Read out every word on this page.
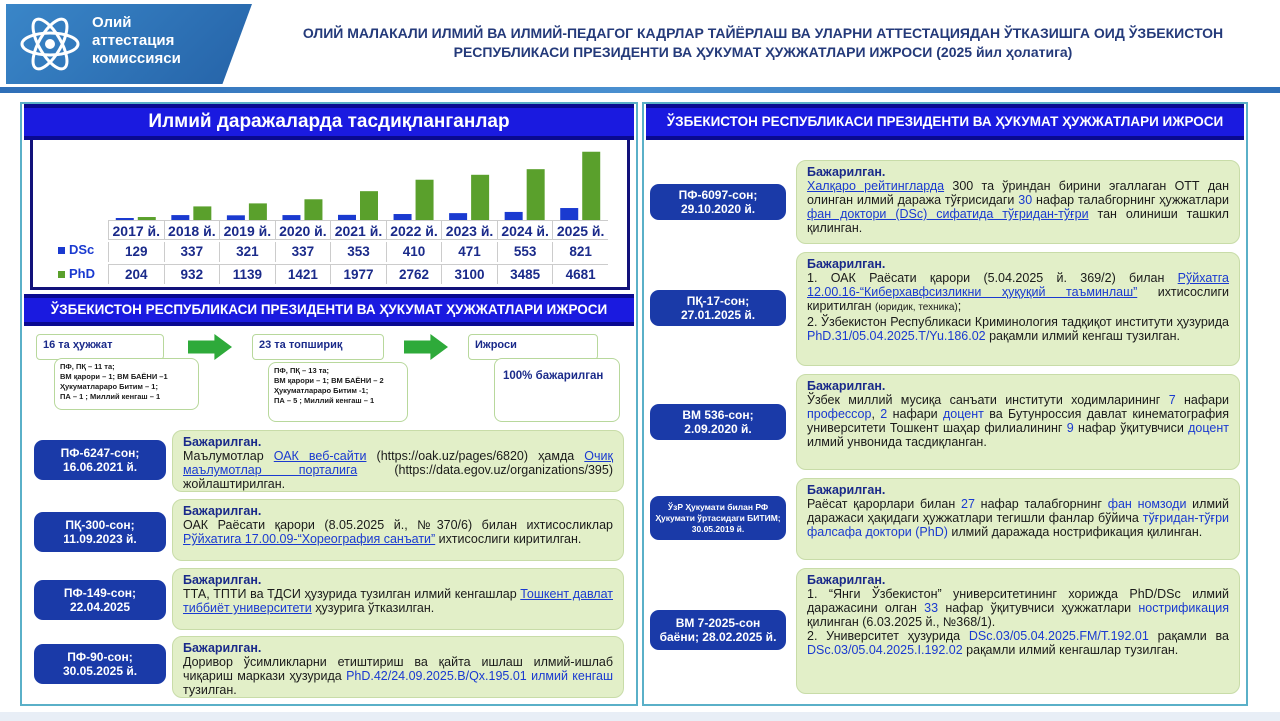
Олий
аттестация
комиссияси
ОЛИЙ МАЛАКАЛИ ИЛМИЙ ВА ИЛМИЙ-ПЕДАГОГ КАДРЛАР ТАЙЁРЛАШ ВА УЛАРНИ АТТЕСТАЦИЯДАН ЎТКАЗИШГА ОИД ЎЗБЕКИСТОН РЕСПУБЛИКАСИ ПРЕЗИДЕНТИ ВА ҲУКУМАТ ҲУЖЖАТЛАРИ ИЖРОСИ (2025 йил ҳолатига)
Илмий даражаларда тасдиқланганлар
2017 й. 2018 й. 2019 й. 2020 й. 2021 й. 2022 й. 2023 й. 2024 й. 2025 й.
129	337	321	337	353	410	471	553	821
204	932	1139	1421	1977	2762	3100	3485	4681
DSc
PhD
ЎЗБЕКИСТОН РЕСПУБЛИКАСИ ПРЕЗИДЕНТИ ВА ҲУКУМАТ ҲУЖЖАТЛАРИ ИЖРОСИ
16 та ҳужжат
ПФ, ПҚ – 11 та;
ВМ қарори – 1; ВМ БАЁНИ –1
Ҳукуматлараро Битим – 1;
ПА – 1 ; Миллий кенгаш – 1
23 та топшириқ
ПФ, ПҚ – 13 та;
ВМ қарори – 1; ВМ БАЁНИ – 2
Ҳукуматлараро Битим -1;
ПА – 5 ; Миллий кенгаш – 1
Ижроси
100% бажарилган
ПФ-6247-сон;
16.06.2021 й.
Бажарилган.
Маълумотлар ОАК веб-сайти (https://oak.uz/pages/6820) ҳамда Очиқ маълумотлар порталига (https://data.egov.uz/organizations/395) жойлаштирилган.
ПҚ-300-сон;
11.09.2023 й.
Бажарилган.
ОАК Раёсати қарори (8.05.2025 й., №370/6) билан ихтисосликлар Рўйхатига 17.00.09-“Хореография санъати” ихтисослиги киритилган.
ПФ-149-сон;
22.04.2025
Бажарилган.
ТТА, ТПТИ ва ТДСИ ҳузурида тузилган илмий кенгашлар Тошкент давлат тиббиёт университети ҳузурига ўтказилган.
ПФ-90-сон;
30.05.2025 й.
Бажарилган.
Доривор ўсимликларни етиштириш ва қайта ишлаш илмий-ишлаб чиқариш маркази ҳузурида PhD.42/24.09.2025.B/Qx.195.01 илмий кенгаш тузилган.
ЎЗБЕКИСТОН РЕСПУБЛИКАСИ ПРЕЗИДЕНТИ ВА ҲУКУМАТ ҲУЖЖАТЛАРИ ИЖРОСИ
ПФ-6097-сон;
29.10.2020 й.
Бажарилган.
Халқаро рейтингларда 300 та ўриндан бирини эгаллаган ОТТ дан олинган илмий даража тўғрисидаги 30 нафар талабгорнинг ҳужжатлари фан доктори (DSc) сифатида тўғридан-тўғри тан олиниши ташкил қилинган.
ПҚ-17-сон;
27.01.2025 й.
Бажарилган.
1. ОАК Раёсати қарори (5.04.2025 й. 369/2) билан Рўйхатга 12.00.16-“Киберхавфсизликни ҳуқуқий таъминлаш” ихтисослиги киритилган (юридик, техника);
2. Ўзбекистон Республикаси Криминология тадқиқот институти ҳузурида PhD.31/05.04.2025.T/Yu.186.02 рақамли илмий кенгаш тузилган.
ВМ 536-сон;
2.09.2020 й.
Бажарилган.
Ўзбек миллий мусиқа санъати институти ходимларининг 7 нафари профессор, 2 нафари доцент ва Бутунроссия давлат кинематография университети Тошкент шаҳар филиалининг 9 нафар ўқитувчиси доцент илмий унвонида тасдиқланган.
ЎзР Ҳукумати билан РФ Ҳукумати ўртасидаги БИТИМ; 30.05.2019 й.
Бажарилган.
Раёсат қарорлари билан 27 нафар талабгорнинг фан номзоди илмий даражаси ҳақидаги ҳужжатлари тегишли фанлар бўйича тўғридан-тўғри фалсафа доктори (PhD) илмий даражада нострификация қилинган.
ВМ 7-2025-сон баёни; 28.02.2025 й.
Бажарилган.
1. “Янги Ўзбекистон” университетининг хорижда PhD/DSc илмий даражасини олган 33 нафар ўқитувчиси ҳужжатлари нострификация қилинган (6.03.2025 й., №368/1).
2. Университет ҳузурида DSc.03/05.04.2025.FM/T.192.01 рақамли ва DSc.03/05.04.2025.I.192.02 рақамли илмий кенгашлар тузилган.
